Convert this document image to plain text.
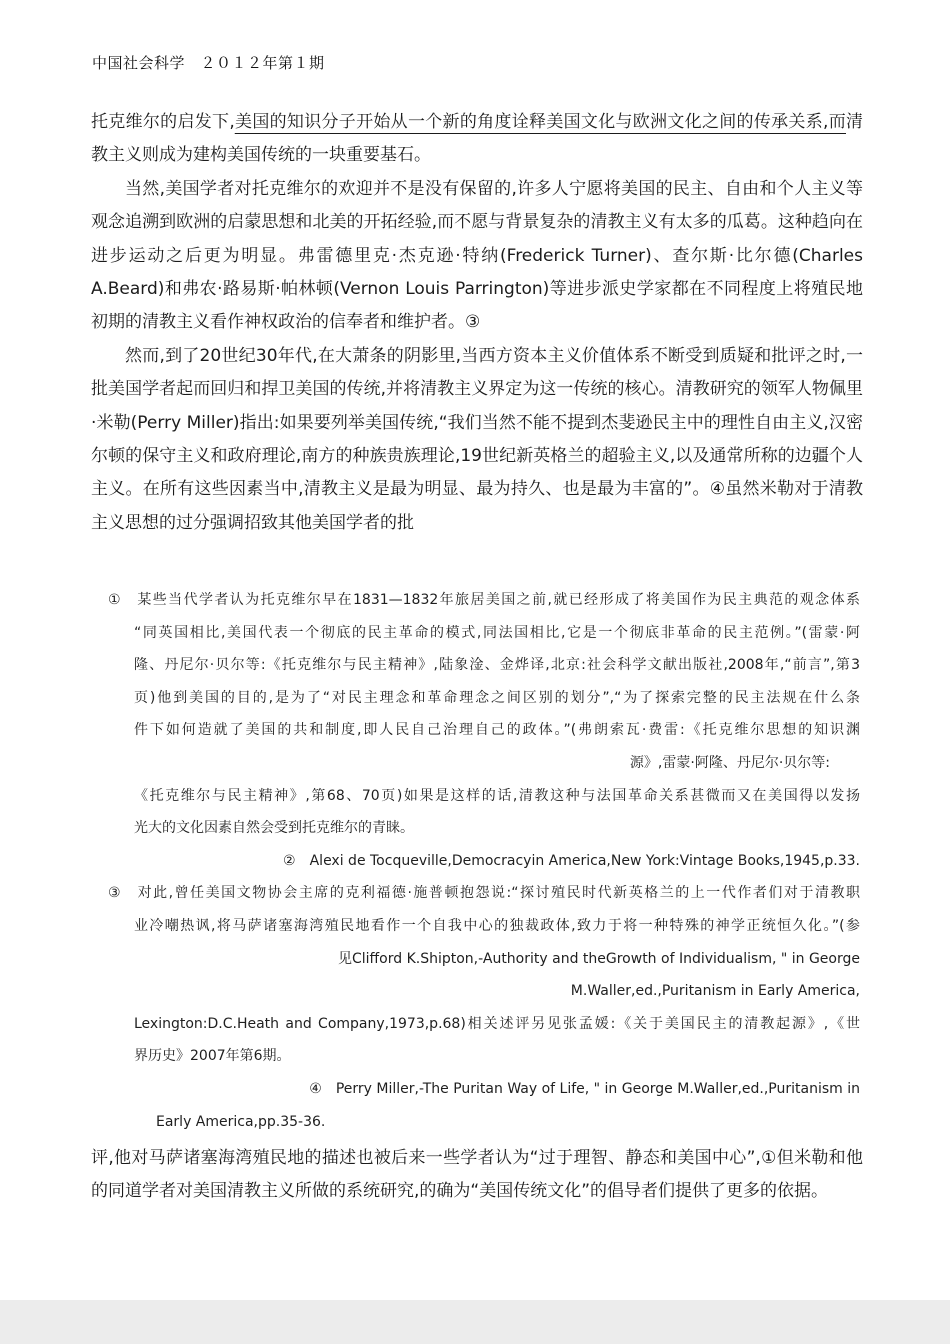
中国社会科学　２０１２年第１期

托克维尔的启发下,美国的知识分子开始从一个新的角度诠释美国文化与欧洲文化之间的传承关系,而清教主义则成为建构美国传统的一块重要基石。

当然,美国学者对托克维尔的欢迎并不是没有保留的,许多人宁愿将美国的民主、自由和个人主义等观念追溯到欧洲的启蒙思想和北美的开拓经验,而不愿与背景复杂的清教主义有太多的瓜葛。这种趋向在进步运动之后更为明显。弗雷德里克·杰克逊·特纳(Frederick Turner)、查尔斯·比尔德(Charles A.Beard)和弗农·路易斯·帕林顿(Vernon Louis Parrington)等进步派史学家都在不同程度上将殖民地初期的清教主义看作神权政治的信奉者和维护者。③

然而,到了20世纪30年代,在大萧条的阴影里,当西方资本主义价值体系不断受到质疑和批评之时,一批美国学者起而回归和捍卫美国的传统,并将清教主义界定为这一传统的核心。清教研究的领军人物佩里·米勒(Perry Miller)指出:如果要列举美国传统,“我们当然不能不提到杰斐逊民主中的理性自由主义,汉密尔顿的保守主义和政府理论,南方的种族贵族理论,19世纪新英格兰的超验主义,以及通常所称的边疆个人主义。在所有这些因素当中,清教主义是最为明显、最为持久、也是最为丰富的”。④虽然米勒对于清教主义思想的过分强调招致其他美国学者的批

①　某些当代学者认为托克维尔早在1831—1832年旅居美国之前,就已经形成了将美国作为民主典范的观念体系
“同英国相比,美国代表一个彻底的民主革命的模式,同法国相比,它是一个彻底非革命的民主范例。”(雷蒙·阿
隆、丹尼尔·贝尔等:《托克维尔与民主精神》,陆象淦、金烨译,北京:社会科学文献出版社,2008年,“前言”,第3
页)他到美国的目的,是为了“对民主理念和革命理念之间区别的划分”,“为了探索完整的民主法规在什么条
件下如何造就了美国的共和制度,即人民自己治理自己的政体。”(弗朗索瓦·费雷:《托克维尔思想的知识渊
源》,雷蒙·阿隆、丹尼尔·贝尔等:
《托克维尔与民主精神》,第68、70页)如果是这样的话,清教这种与法国革命关系甚微而又在美国得以发扬
光大的文化因素自然会受到托克维尔的青睐。
②　Alexi de Tocqueville,Democracyin America,New York:Vintage Books,1945,p.33.
③　对此,曾任美国文物协会主席的克利福德·施普顿抱怨说:“探讨殖民时代新英格兰的上一代作者们对于清教职
业冷嘲热讽,将马萨诸塞海湾殖民地看作一个自我中心的独裁政体,致力于将一种特殊的神学正统恒久化。”(参
见Clifford K.Shipton,-Authority and theGrowth of Individualism, " in George
M.Waller,ed.,Puritanism in Early America,
Lexington:D.C.Heath and Company,1973,p.68)相关述评另见张孟媛:《关于美国民主的清教起源》,《世
界历史》2007年第6期。
④　Perry Miller,-The Puritan Way of Life, " in George M.Waller,ed.,Puritanism in
Early America,pp.35-36.

评,他对马萨诸塞海湾殖民地的描述也被后来一些学者认为“过于理智、静态和美国中心”,①但米勒和他的同道学者对美国清教主义所做的系统研究,的确为“美国传统文化”的倡导者们提供了更多的依据。
